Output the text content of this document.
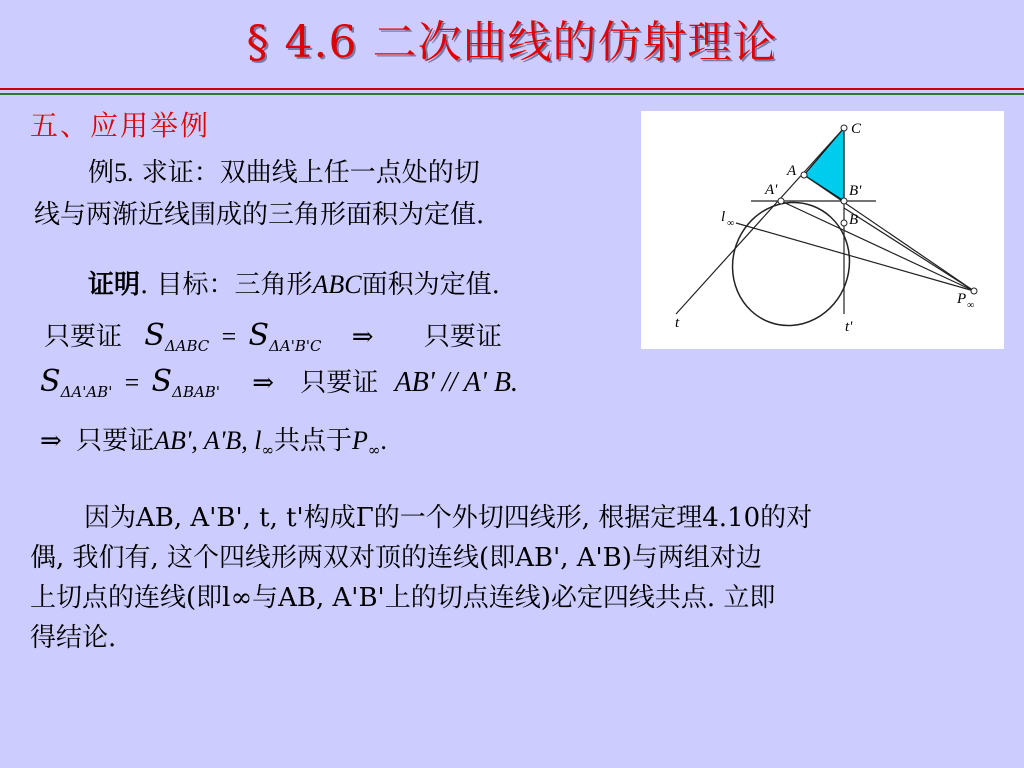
§ 4.6 二次曲线的仿射理论
五、应用举例
例5. 求证：双曲线上任一点处的切
线与两渐近线围成的三角形面积为定值.
证明. 目标：三角形ABC面积为定值.
只要证 $S_{\Delta ABC} = S_{\Delta A'B'C}$ ⇒ 只要证
$S_{\Delta A'AB'} = S_{\Delta BAB'}$ ⇒ 只要证 AB' // A' B.
⇒ 只要证AB', A'B, $l_\infty$共点于$P_\infty$.
因为AB, A'B', t, t'构成Γ的一个外切四线形, 根据定理4.10的对
偶, 我们有, 这个四线形两双对顶的连线(即AB', A'B)与两组对边
上切点的连线(即l∞与AB, A'B'上的切点连线)必定四线共点. 立即
得结论.
C
A
A'	B'
B
l ∞
P ∞
t	t'
